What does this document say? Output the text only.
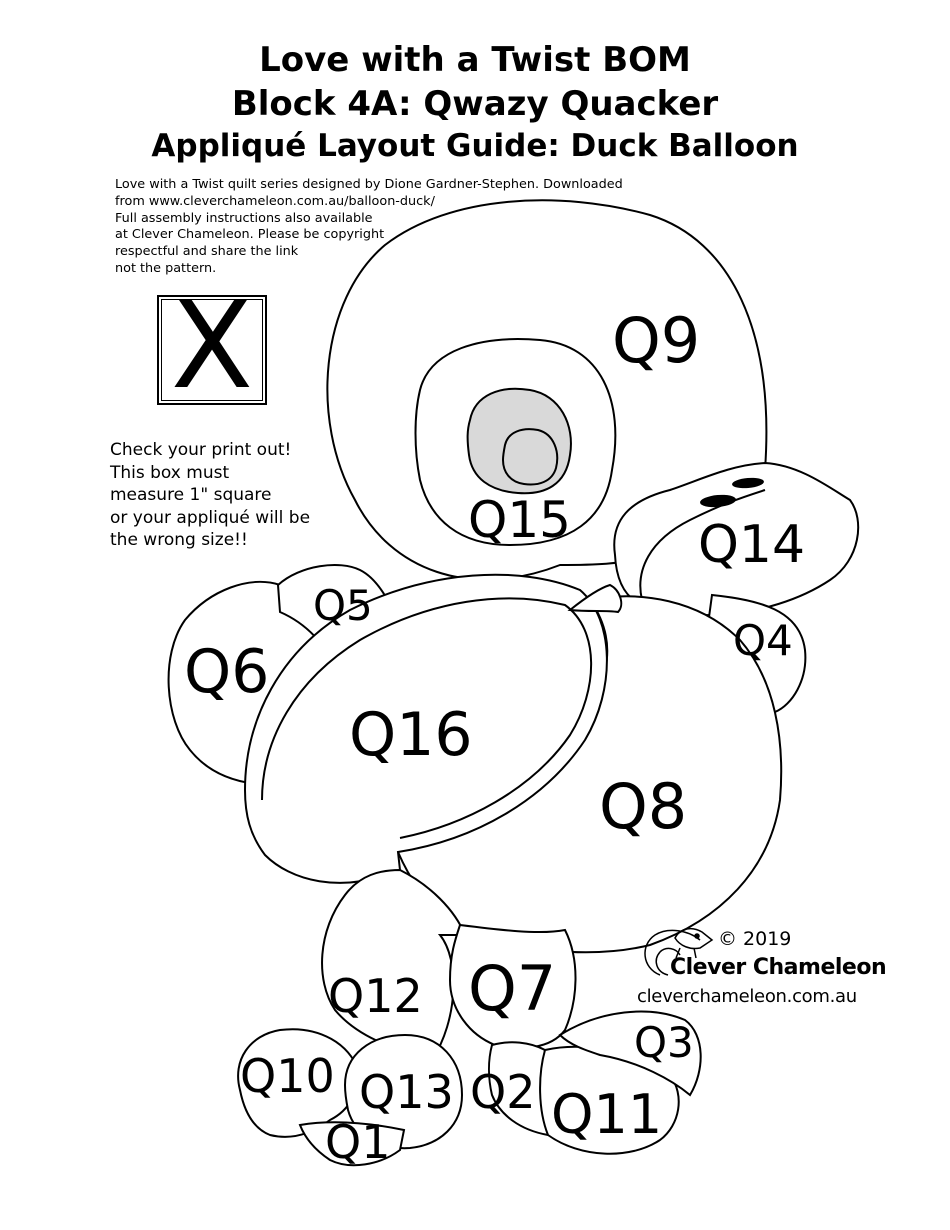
Love with a Twist BOM
Block 4A: Qwazy Quacker
Appliqué Layout Guide: Duck Balloon
Q9
Q15 Q14
Q4
Q5
Q6
Q16
Q8
Q12 Q7
Q3
Q10 Q13 Q2 Q11
Q1
Love with a Twist quilt series designed by Dione Gardner-Stephen. Downloaded
from www.cleverchameleon.com.au/balloon-duck/
Full assembly instructions also available
at Clever Chameleon. Please be copyright
respectful and share the link
not the pattern.
X
Check your print out!
This box must
measure 1" square
or your appliqué will be
the wrong size!!
© 2019
Clever Chameleon
cleverchameleon.com.au
